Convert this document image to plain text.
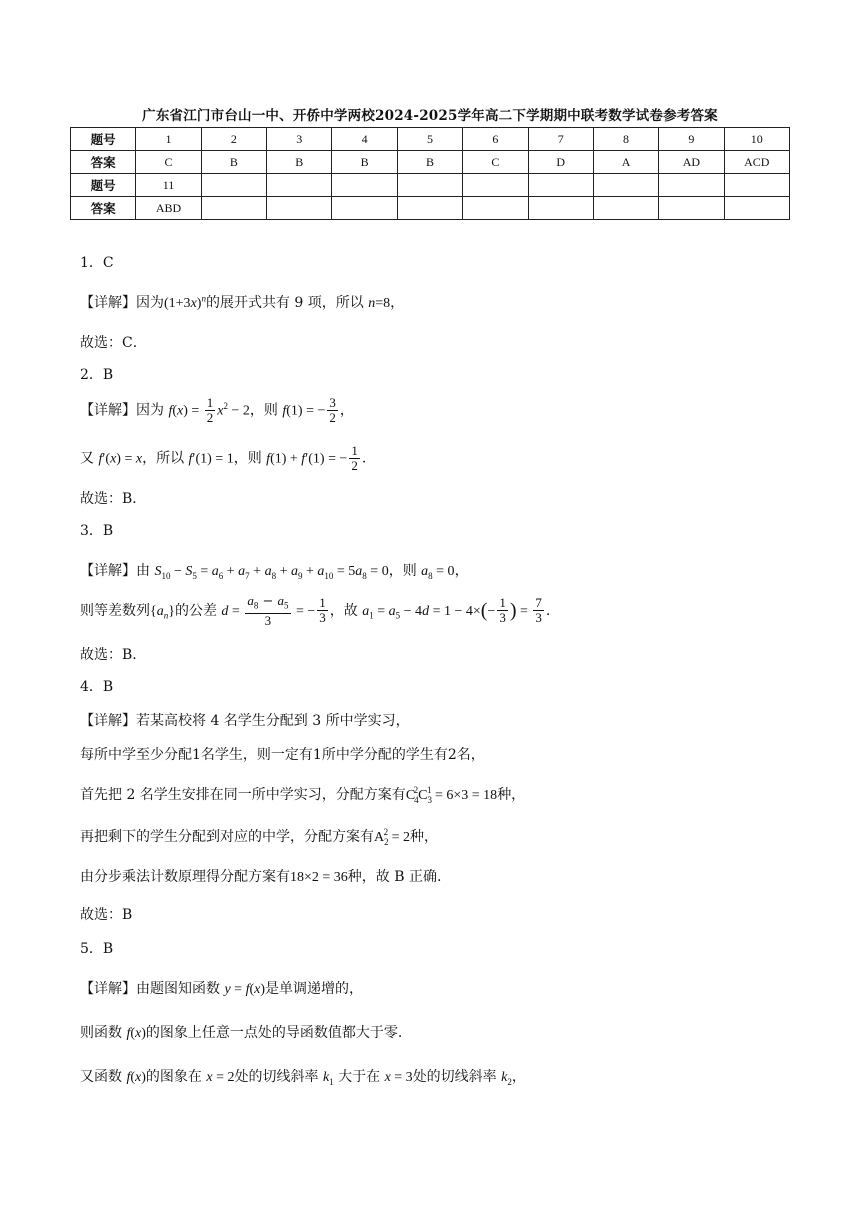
广东省江门市台山一中、开侨中学两校2024-2025学年高二下学期期中联考数学试卷参考答案
题号	1	2	3	4	5	6	7	8	9	10
答案	C	B	B	B	B	C	D	A	AD	ACD
题号	11									
答案	ABD									
1．C
【详解】因为$(1+3x)^n$的展开式共有 9 项，所以 n=8，
故选：C．
2．B
【详解】因为 $f(x) = \frac{1}{2} x^2 - 2$，则 f(1) = − $\frac{3}{2}$ ，
又 f′(x) = x，所以 f′(1) = 1，则 f(1) + f′(1) = − $\frac{1}{2}$ .
故选：B．
3．B
【详解】由 $S_{10} - S_5 = a_6 + a_7 + a_8 + a_9 + a_{10} = 5a_8 = 0$，则 $a_8 = 0$，
则等差数列$\{a_n\}$的公差 $d = \frac{a_8 - a_5}{3}$ = − $\frac{1}{3}$ ，故 $a_1 = a_5 - 4d = 1 - 4\times(- \frac{1}{3}$ ) = $\frac{7}{3}$ .
故选：B.
4．B
【详解】若某高校将 4 名学生分配到 3 所中学实习，
每所中学至少分配1名学生，则一定有1所中学分配的学生有2名，
首先把 2 名学生安排在同一所中学实习，分配方案有$C_4^2C_3^1 = 6\times 3 = 18$种，
再把剩下的学生分配到对应的中学，分配方案有$A_2^2 = 2$种，
由分步乘法计数原理得分配方案有18×2 = 36种，故 B 正确.
故选：B
5．B
【详解】由题图知函数 y = f(x)是单调递增的，
则函数 f(x)的图象上任意一点处的导函数值都大于零.
又函数 f(x)的图象在 x = 2处的切线斜率 $k_1$ 大于在 x = 3处的切线斜率 $k_2$，
